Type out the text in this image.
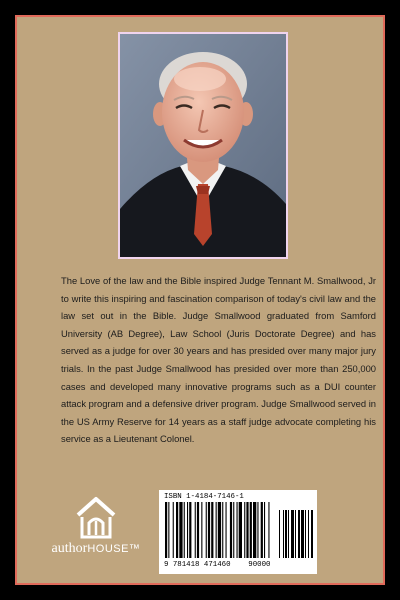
The Love of the law and the Bible inspired Judge Tennant M. Smallwood, Jr to write this inspiring and fascination comparison of today's civil law and the law set out in the Bible. Judge Smallwood graduated from Samford University (AB Degree), Law School (Juris Doctorate Degree) and has served as a judge for over 30 years and has presided over many major jury trials. In the past Judge Smallwood has presided over more than 250,000 cases and developed many innovative programs such as a DUI counter attack program and a defensive driver program. Judge Smallwood served in the US Army Reserve for 14 years as a staff judge advocate completing his service as a Lieutenant Colonel.
authorHOUSE™
ISBN 1-4184-7146-1
9 781418 471460 90000
